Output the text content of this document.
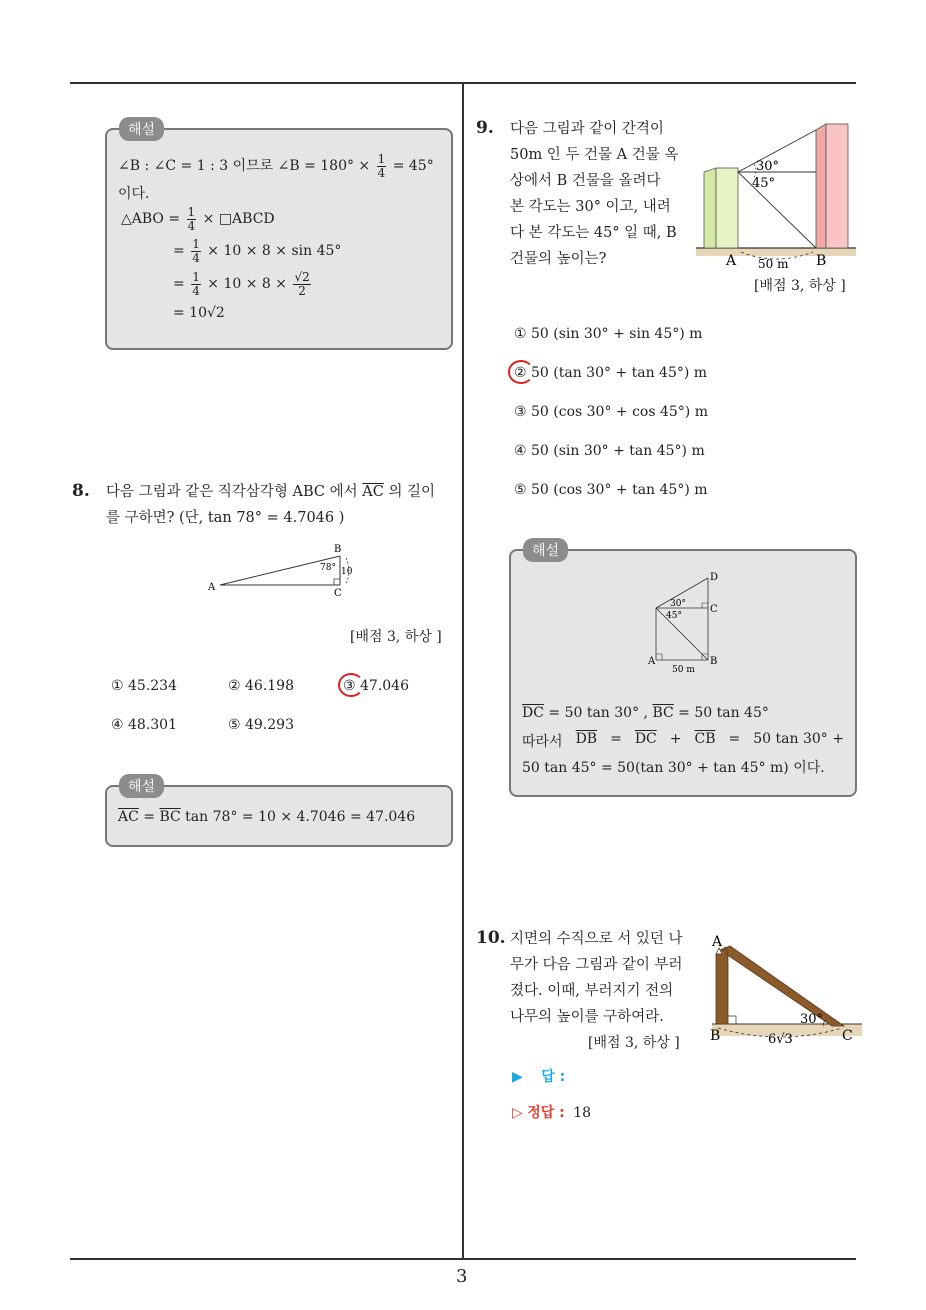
3
해설
∠B : ∠C = 1 : 3 이므로 ∠B = $180^\circ \times \frac{1}{4} = 45^\circ$
이다.
△ABO = $\frac{1}{4}$ × □ABCD
= $\frac{1}{4} \times 10 \times 8 \times \sin 45^\circ$
= $\frac{1}{4} \times 10 \times 8 \times \frac{√2}{2}$
= 10√2
8. 다음 그림과 같은 직각삼각형 ABC 에서 $\overline{AC}$ 의 길이
를 구하면? (단, tan 78° = 4.7046 )
A
B
C
78° 10
[배점 3, 하상 ]
① 45.234	② 46.198	③ 47.046
④ 48.301	⑤ 49.293
해설
$\overline{AC} = \overline{BC}$ tan 78° = 10 × 4.7046 = 47.046
9. 다음 그림과 같이 간격이
50m 인 두 건물 A 건물 옥
상에서 B 건물을 올려다
본 각도는 30° 이고, 내려
다 본 각도는 45° 일 때, B
건물의 높이는?
30°
45°
A	B
50 m
[배점 3, 하상 ]
① 50 (sin 30° + sin 45°) m
② 50 (tan 30° + tan 45°) m
③ 50 (cos 30° + cos 45°) m
④ 50 (sin 30° + tan 45°) m
⑤ 50 (cos 30° + tan 45°) m
해설
D
C
A	B
30°
45°
50 m
$\overline{DC} = 50$ tan 30° , $\overline{BC} = 50$ tan 45°
따라서 $\overline{DB} = \overline{DC} + \overline{CB} = 50$ tan 30° +
50 tan 45° = 50(tan 30° + tan 45° m) 이다.
10. 지면의 수직으로 서 있던 나
무가 다음 그림과 같이 부러
졌다. 이때, 부러지기 전의
나무의 높이를 구하여라.
[배점 3, 하상 ]
A
B	C
30°
6√3
▶ 답 :
▷ 정답 : 18
